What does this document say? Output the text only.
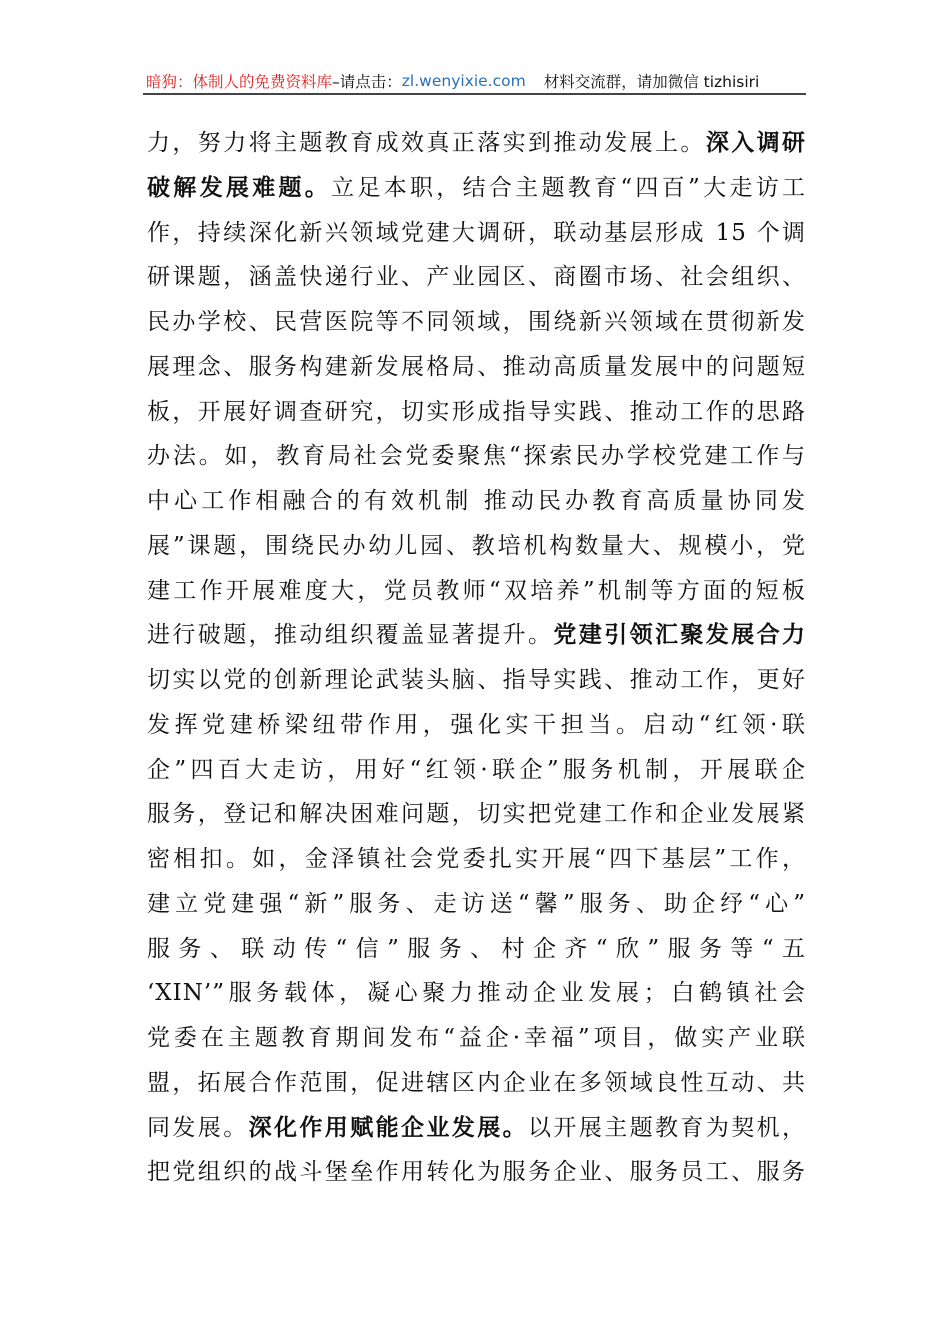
暗狗：体制人的免费资料库 –请点击： zl.wenyixie.com 材料交流群，请加微信 tizhisiri
力，努力将主题教育成效真正落实到推动发展上。深入调研
破解发展难题。立足本职，结合主题教育“四百”大走访工
作，持续深化新兴领域党建大调研，联动基层形成 15 个调
研课题，涵盖快递行业、产业园区、商圈市场、社会组织、
民办学校、民营医院等不同领域，围绕新兴领域在贯彻新发
展理念、服务构建新发展格局、推动高质量发展中的问题短
板，开展好调查研究，切实形成指导实践、推动工作的思路
办法。如，教育局社会党委聚焦“探索民办学校党建工作与
中心工作相融合的有效机制 推动民办教育高质量协同发
展”课题，围绕民办幼儿园、教培机构数量大、规模小，党
建工作开展难度大，党员教师“双培养”机制等方面的短板
进行破题，推动组织覆盖显著提升。党建引领汇聚发展合力
切实以党的创新理论武装头脑、指导实践、推动工作，更好
发挥党建桥梁纽带作用，强化实干担当。启动“红领·联
企”四百大走访，用好“红领·联企”服务机制，开展联企
服务，登记和解决困难问题，切实把党建工作和企业发展紧
密相扣。如，金泽镇社会党委扎实开展“四下基层”工作，
建立党建强“新”服务、走访送“馨”服务、助企纾“心”
服务、联动传“信”服务、村企齐“欣”服务等“五
‘XIN’”服务载体，凝心聚力推动企业发展；白鹤镇社会
党委在主题教育期间发布“益企·幸福”项目，做实产业联
盟，拓展合作范围，促进辖区内企业在多领域良性互动、共
同发展。深化作用赋能企业发展。以开展主题教育为契机，
把党组织的战斗堡垒作用转化为服务企业、服务员工、服务
